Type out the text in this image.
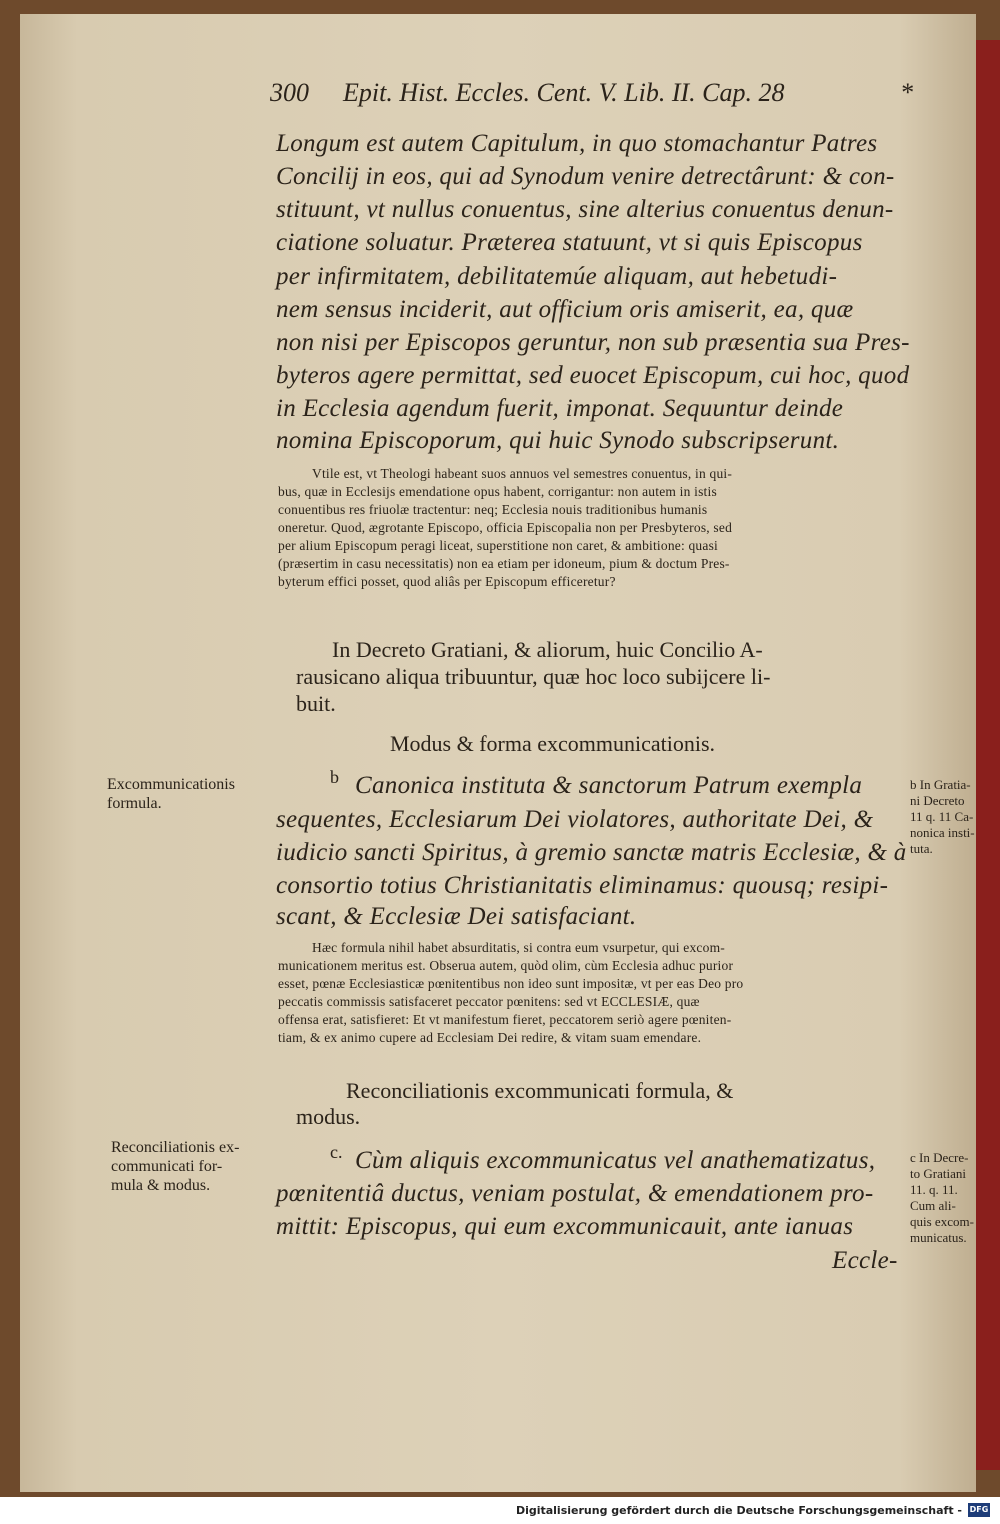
300 Epit. Hist. Eccles. Cent. V. Lib. II. Cap. 28	*
Longum est autem Capitulum, in quo stomachantur Patres
Concilij in eos, qui ad Synodum venire detrectârunt: & con-
stituunt, vt nullus conuentus, sine alterius conuentus denun-
ciatione soluatur. Præterea statuunt, vt si quis Episcopus
per infirmitatem, debilitatemúe aliquam, aut hebetudi-
nem sensus inciderit, aut officium oris amiserit, ea, quæ
non nisi per Episcopos geruntur, non sub præsentia sua Pres-
byteros agere permittat, sed euocet Episcopum, cui hoc, quod
in Ecclesia agendum fuerit, imponat. Sequuntur deinde
nomina Episcoporum, qui huic Synodo subscripserunt.
Vtile est, vt Theologi habeant suos annuos vel semestres conuentus, in qui-
bus, quæ in Ecclesijs emendatione opus habent, corrigantur: non autem in istis
conuentibus res friuolæ tractentur: neq; Ecclesia nouis traditionibus humanis
oneretur. Quod, ægrotante Episcopo, officia Episcopalia non per Presbyteros, sed
per alium Episcopum peragi liceat, superstitione non caret, & ambitione: quasi
(præsertim in casu necessitatis) non ea etiam per idoneum, pium & doctum Pres-
byterum effici posset, quod aliâs per Episcopum efficeretur?
In Decreto Gratiani, & aliorum, huic Concilio A-
rausicano aliqua tribuuntur, quæ hoc loco subijcere li-
buit.
Modus & forma excommunicationis.
Excommunicationis
formula.
b Canonica instituta & sanctorum Patrum exempla
sequentes, Ecclesiarum Dei violatores, authoritate Dei, &
iudicio sancti Spiritus, à gremio sanctæ matris Ecclesiæ, & à
consortio totius Christianitatis eliminamus: quousq; resipi-
scant, & Ecclesiæ Dei satisfaciant.
b In Gratia-
ni Decreto
11 q. 11 Ca-
nonica insti-
tuta.
Hæc formula nihil habet absurditatis, si contra eum vsurpetur, qui excom-
municationem meritus est. Obserua autem, quòd olim, cùm Ecclesia adhuc purior
esset, pœnæ Ecclesiasticæ pœnitentibus non ideo sunt impositæ, vt per eas Deo pro
peccatis commissis satisfaceret peccator pœnitens: sed vt ECCLESIÆ, quæ
offensa erat, satisfieret: Et vt manifestum fieret, peccatorem seriò agere pœniten-
tiam, & ex animo cupere ad Ecclesiam Dei redire, & vitam suam emendare.
Reconciliationis excommunicati formula, &
modus.
Reconciliationis ex-
communicati for-
mula & modus.
c. Cùm aliquis excommunicatus vel anathematizatus,
pœnitentiâ ductus, veniam postulat, & emendationem pro-
mittit: Episcopus, qui eum excommunicauit, ante ianuas
Eccle-
c In Decre-
to Gratiani
11. q. 11.
Cum ali-
quis excom-
municatus.
Digitalisierung gefördert durch die Deutsche Forschungsgemeinschaft - DFG
